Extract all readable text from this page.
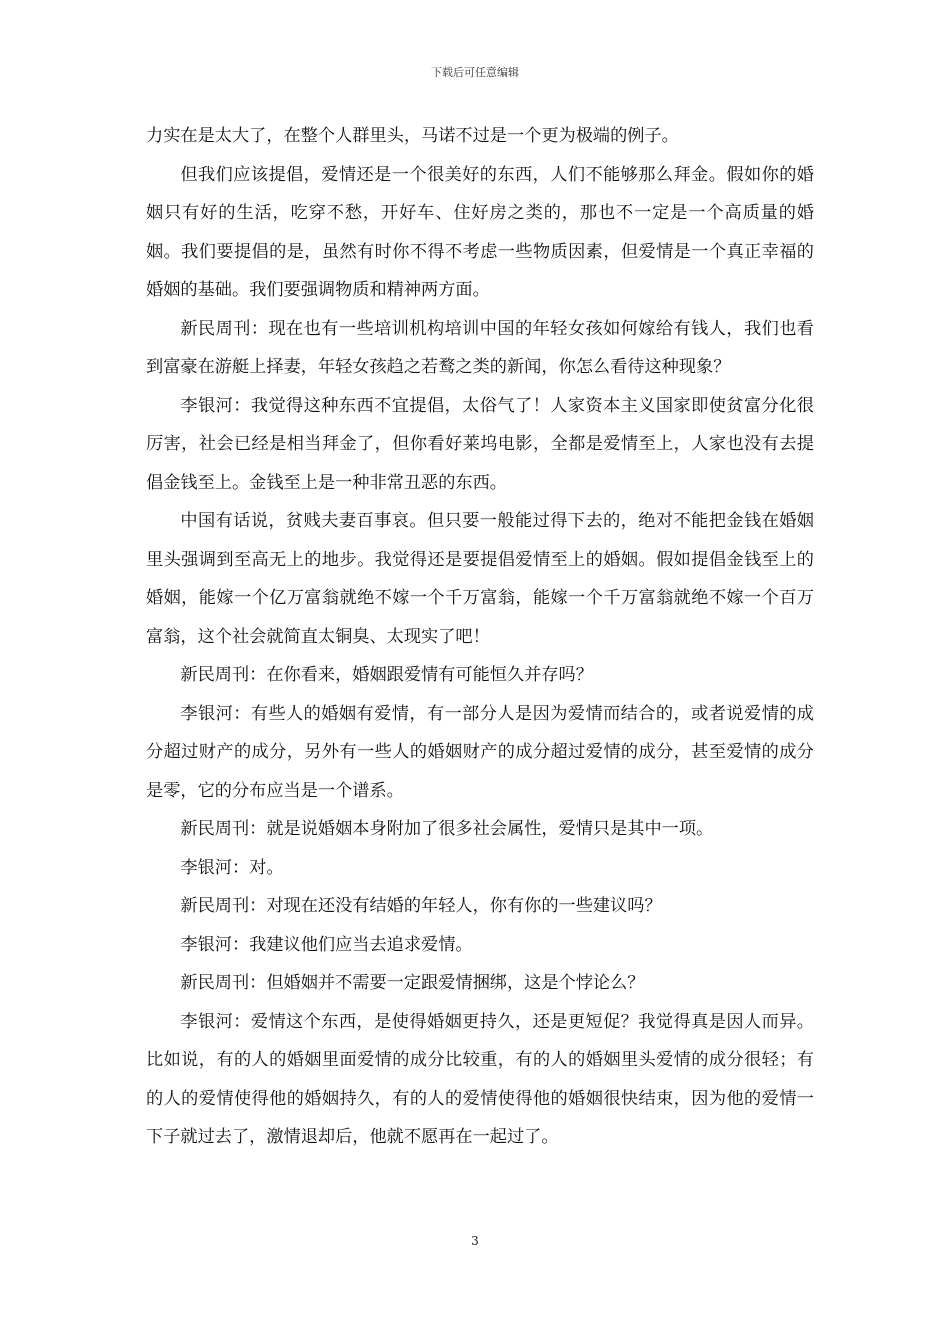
下载后可任意编辑

力实在是太大了，在整个人群里头，马诺不过是一个更为极端的例子。

但我们应该提倡，爱情还是一个很美好的东西，人们不能够那么拜金。假如你的婚姻只有好的生活，吃穿不愁，开好车、住好房之类的，那也不一定是一个高质量的婚姻。我们要提倡的是，虽然有时你不得不考虑一些物质因素，但爱情是一个真正幸福的婚姻的基础。我们要强调物质和精神两方面。

新民周刊：现在也有一些培训机构培训中国的年轻女孩如何嫁给有钱人，我们也看到富豪在游艇上择妻，年轻女孩趋之若鹜之类的新闻，你怎么看待这种现象？

李银河：我觉得这种东西不宜提倡，太俗气了！人家资本主义国家即使贫富分化很厉害，社会已经是相当拜金了，但你看好莱坞电影，全都是爱情至上，人家也没有去提倡金钱至上。金钱至上是一种非常丑恶的东西。

中国有话说，贫贱夫妻百事哀。但只要一般能过得下去的，绝对不能把金钱在婚姻里头强调到至高无上的地步。我觉得还是要提倡爱情至上的婚姻。假如提倡金钱至上的婚姻，能嫁一个亿万富翁就绝不嫁一个千万富翁，能嫁一个千万富翁就绝不嫁一个百万富翁，这个社会就简直太铜臭、太现实了吧！

新民周刊：在你看来，婚姻跟爱情有可能恒久并存吗？

李银河：有些人的婚姻有爱情，有一部分人是因为爱情而结合的，或者说爱情的成分超过财产的成分，另外有一些人的婚姻财产的成分超过爱情的成分，甚至爱情的成分是零，它的分布应当是一个谱系。

新民周刊：就是说婚姻本身附加了很多社会属性，爱情只是其中一项。

李银河：对。

新民周刊：对现在还没有结婚的年轻人，你有你的一些建议吗？

李银河：我建议他们应当去追求爱情。

新民周刊：但婚姻并不需要一定跟爱情捆绑，这是个悖论么？

李银河：爱情这个东西，是使得婚姻更持久，还是更短促？我觉得真是因人而异。比如说，有的人的婚姻里面爱情的成分比较重，有的人的婚姻里头爱情的成分很轻；有的人的爱情使得他的婚姻持久，有的人的爱情使得他的婚姻很快结束，因为他的爱情一下子就过去了，激情退却后，他就不愿再在一起过了。

3
